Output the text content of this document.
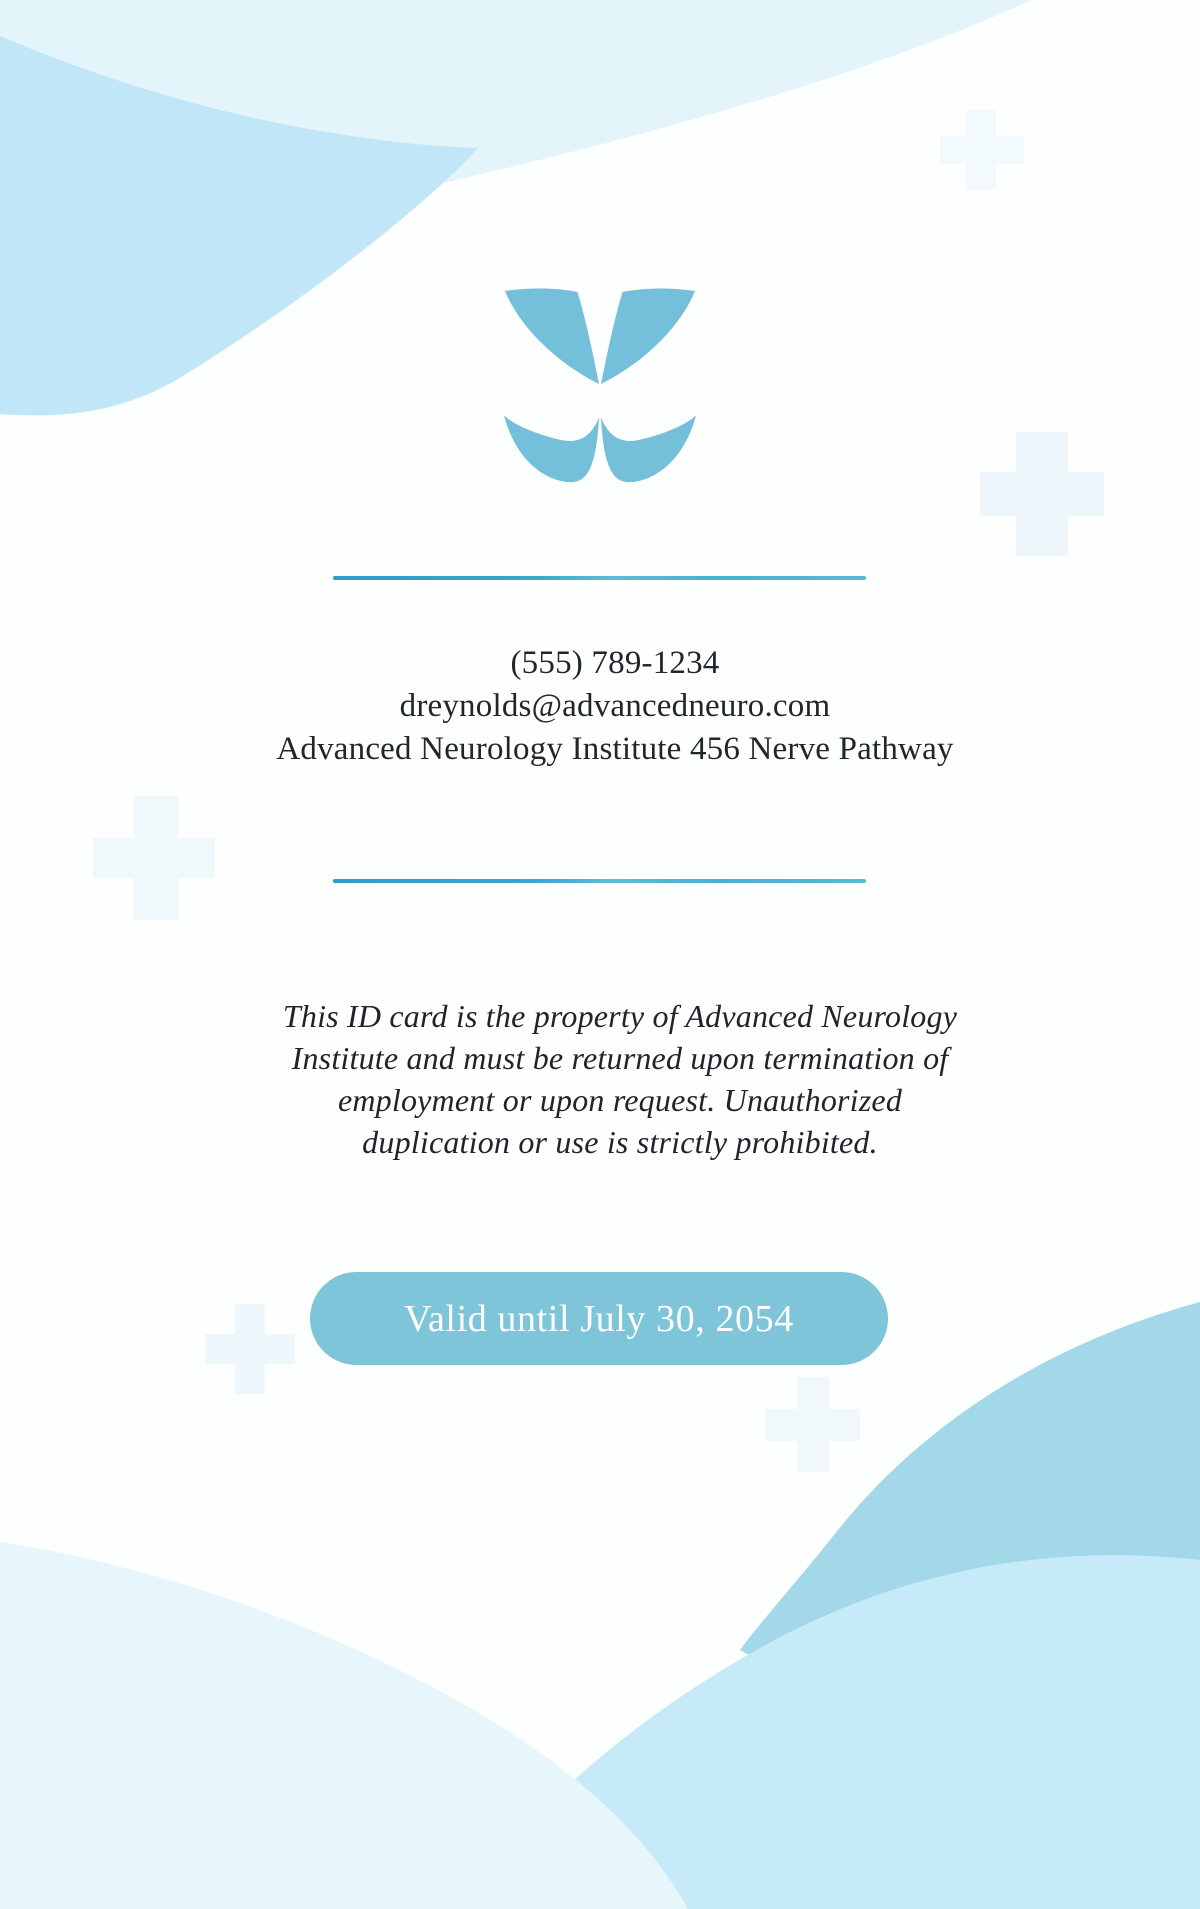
(555) 789-1234
dreynolds@advancedneuro.com
Advanced Neurology Institute 456 Nerve Pathway
This ID card is the property of Advanced Neurology
Institute and must be returned upon termination of
employment or upon request. Unauthorized
duplication or use is strictly prohibited.
Valid until July 30, 2054
